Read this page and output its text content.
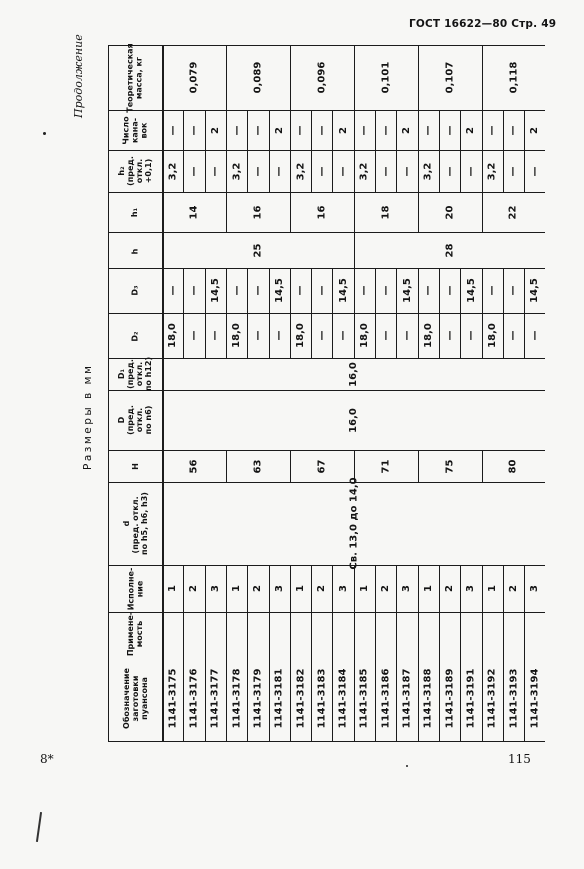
ГОСТ 16622—80 Стр. 49
Продолжение
Размеры в мм
8*	115
Обозначение
заготовки
пуансона
Примене-
мость
Исполне-
ние
d
(пред. откл.
по h5, h6, h3)
H
D
(пред.
откл.
по n6)
D₁
(пред.
откл.
по h12)
D₂
D₃
h
h₁
h₂
(пред.
откл.
+0,1)
Число
кана-
вок
Теоретическая
масса, кг
1141-3175
1
18,0
—
3,2
—
1141-3176
2
—
—
—
—
1141-3177
3
—
14,5
—
2
1141-3178
1
18,0
—
3,2
—
1141-3179
2
—
—
—
—
1141-3181
3
—
14,5
—
2
1141-3182
1
18,0
—
3,2
—
1141-3183
2
—
—
—
—
1141-3184
3
—
14,5
—
2
1141-3185
1
18,0
—
3,2
—
1141-3186
2
—
—
—
—
1141-3187
3
—
14,5
—
2
1141-3188
1
18,0
—
3,2
—
1141-3189
2
—
—
—
—
1141-3191
3
—
14,5
—
2
1141-3192
1
18,0
—
3,2
—
1141-3193
2
—
—
—
—
1141-3194
3
—
14,5
—
2
56
14
0,079
63
16
0,089
67
16
0,096
71
18
0,101
75
20
0,107
80
22
0,118
25	28
Св. 13,0 до 14,0
16,0
16,0
